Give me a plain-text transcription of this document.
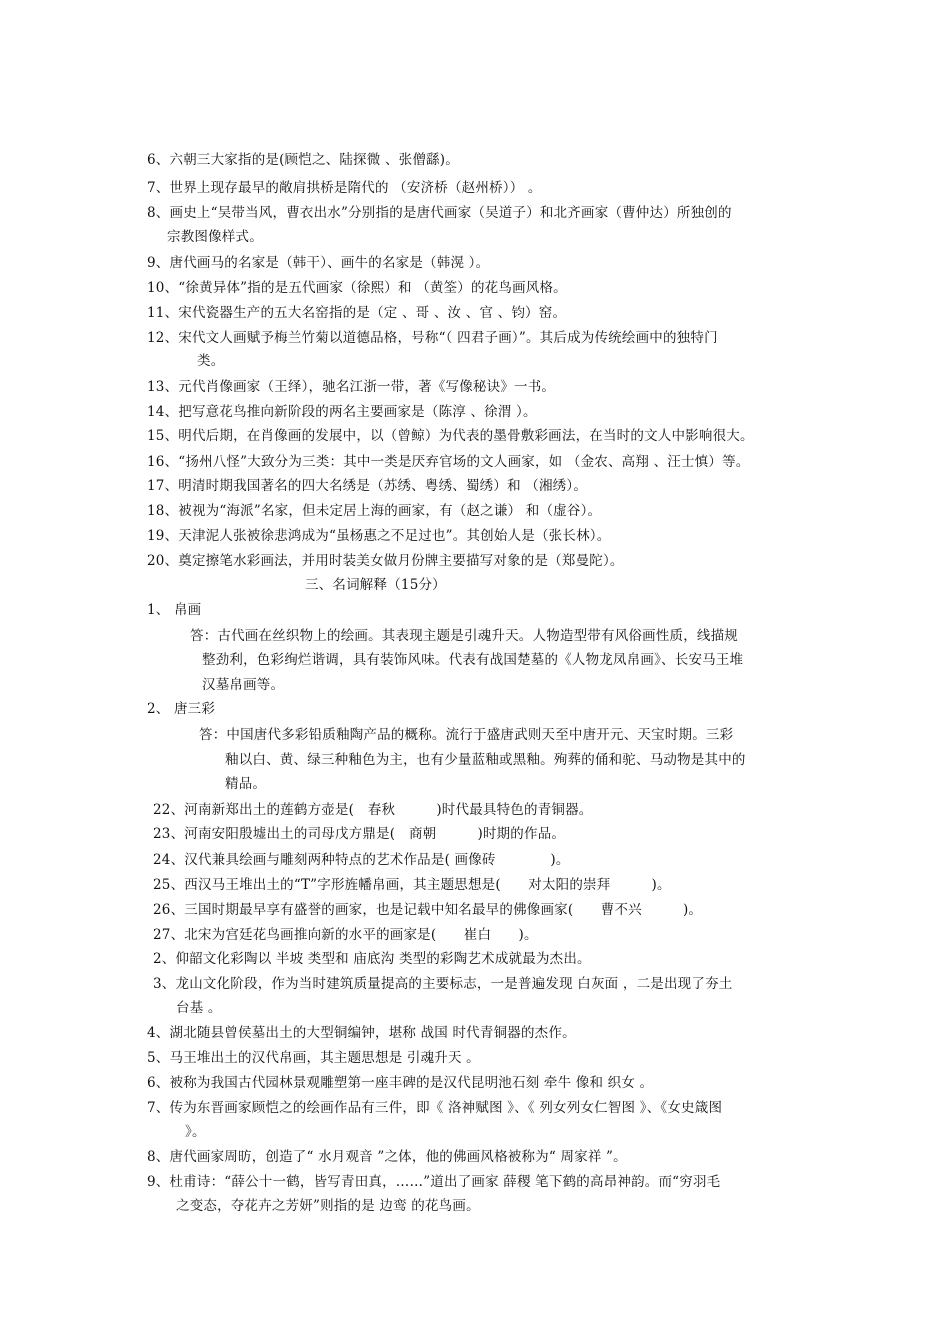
6、六朝三大家指的是(顾恺之、陆探微 、张僧繇)。
7、世界上现存最早的敞肩拱桥是隋代的 （安济桥（赵州桥）） 。
8、画史上“吴带当风，曹衣出水”分别指的是唐代画家（吴道子）和北齐画家（曹仲达）所独创的
宗教图像样式。
9、唐代画马的名家是（韩干）、画牛的名家是（韩滉 ）。
10、“徐黄异体”指的是五代画家（徐熙）和 （黄筌）的花鸟画风格。
11、宋代瓷器生产的五大名窑指的是（定 、哥 、汝 、官 、钧）窑。
12、宋代文人画赋予梅兰竹菊以道德品格，号称“（ 四君子画）”。其后成为传统绘画中的独特门
类。
13、元代肖像画家（王绎），驰名江浙一带，著《写像秘诀》一书。
14、把写意花鸟推向新阶段的两名主要画家是（陈淳 、徐渭 ）。
15、明代后期，在肖像画的发展中，以（曾鲸）为代表的墨骨敷彩画法，在当时的文人中影响很大。
16、“扬州八怪”大致分为三类：其中一类是厌弃官场的文人画家，如 （金农、高翔 、汪士慎）等。
17、明清时期我国著名的四大名绣是（苏绣、粤绣、蜀绣）和 （湘绣）。
18、被视为“海派”名家，但未定居上海的画家，有（赵之谦） 和（虚谷）。
19、天津泥人张被徐悲鸿成为“虽杨惠之不足过也”。其创始人是（张长林）。
20、奠定擦笔水彩画法，并用时装美女做月份牌主要描写对象的是（郑曼陀）。
三、名词解释（15分）
1、 帛画
答：古代画在丝织物上的绘画。其表现主题是引魂升天。人物造型带有风俗画性质，线描规
整劲利，色彩绚烂谐调，具有装饰风味。代表有战国楚墓的《人物龙凤帛画》、长安马王堆
汉墓帛画等。
2、 唐三彩
答：中国唐代多彩铅质釉陶产品的概称。流行于盛唐武则天至中唐开元、天宝时期。三彩
釉以白、黄、绿三种釉色为主，也有少量蓝釉或黑釉。殉葬的俑和驼、马动物是其中的
精品。
22、河南新郑出土的莲鹤方壶是(　春秋　　　)时代最具特色的青铜器。
23、河南安阳殷墟出土的司母戊方鼎是(　商朝　　　)时期的作品。
24、汉代兼具绘画与雕刻两种特点的艺术作品是( 画像砖　　　　)。
25、西汉马王堆出土的“T”字形旌幡帛画，其主题思想是(　　对太阳的崇拜　　　)。
26、三国时期最早享有盛誉的画家，也是记载中知名最早的佛像画家(　　曹不兴　　　)。
27、北宋为宫廷花鸟画推向新的水平的画家是(　　崔白　　)。
2、仰韶文化彩陶以 半坡 类型和 庙底沟 类型的彩陶艺术成就最为杰出。
3、龙山文化阶段，作为当时建筑质量提高的主要标志，一是普遍发现 白灰面 ，二是出现了夯土
台基 。
4、湖北随县曾侯墓出土的大型铜编钟，堪称 战国 时代青铜器的杰作。
5、马王堆出土的汉代帛画，其主题思想是 引魂升天 。
6、被称为我国古代园林景观雕塑第一座丰碑的是汉代昆明池石刻 牵牛 像和 织女 。
7、传为东晋画家顾恺之的绘画作品有三件，即《 洛神赋图 》、《 列女列女仁智图 》、《女史箴图
》。
8、唐代画家周昉，创造了“ 水月观音 ”之体，他的佛画风格被称为“ 周家祥 ”。
9、杜甫诗：“薛公十一鹤，皆写青田真，……”道出了画家 薛稷 笔下鹤的高昂神韵。而“穷羽毛
之变态，夺花卉之芳妍”则指的是 边鸾 的花鸟画。
